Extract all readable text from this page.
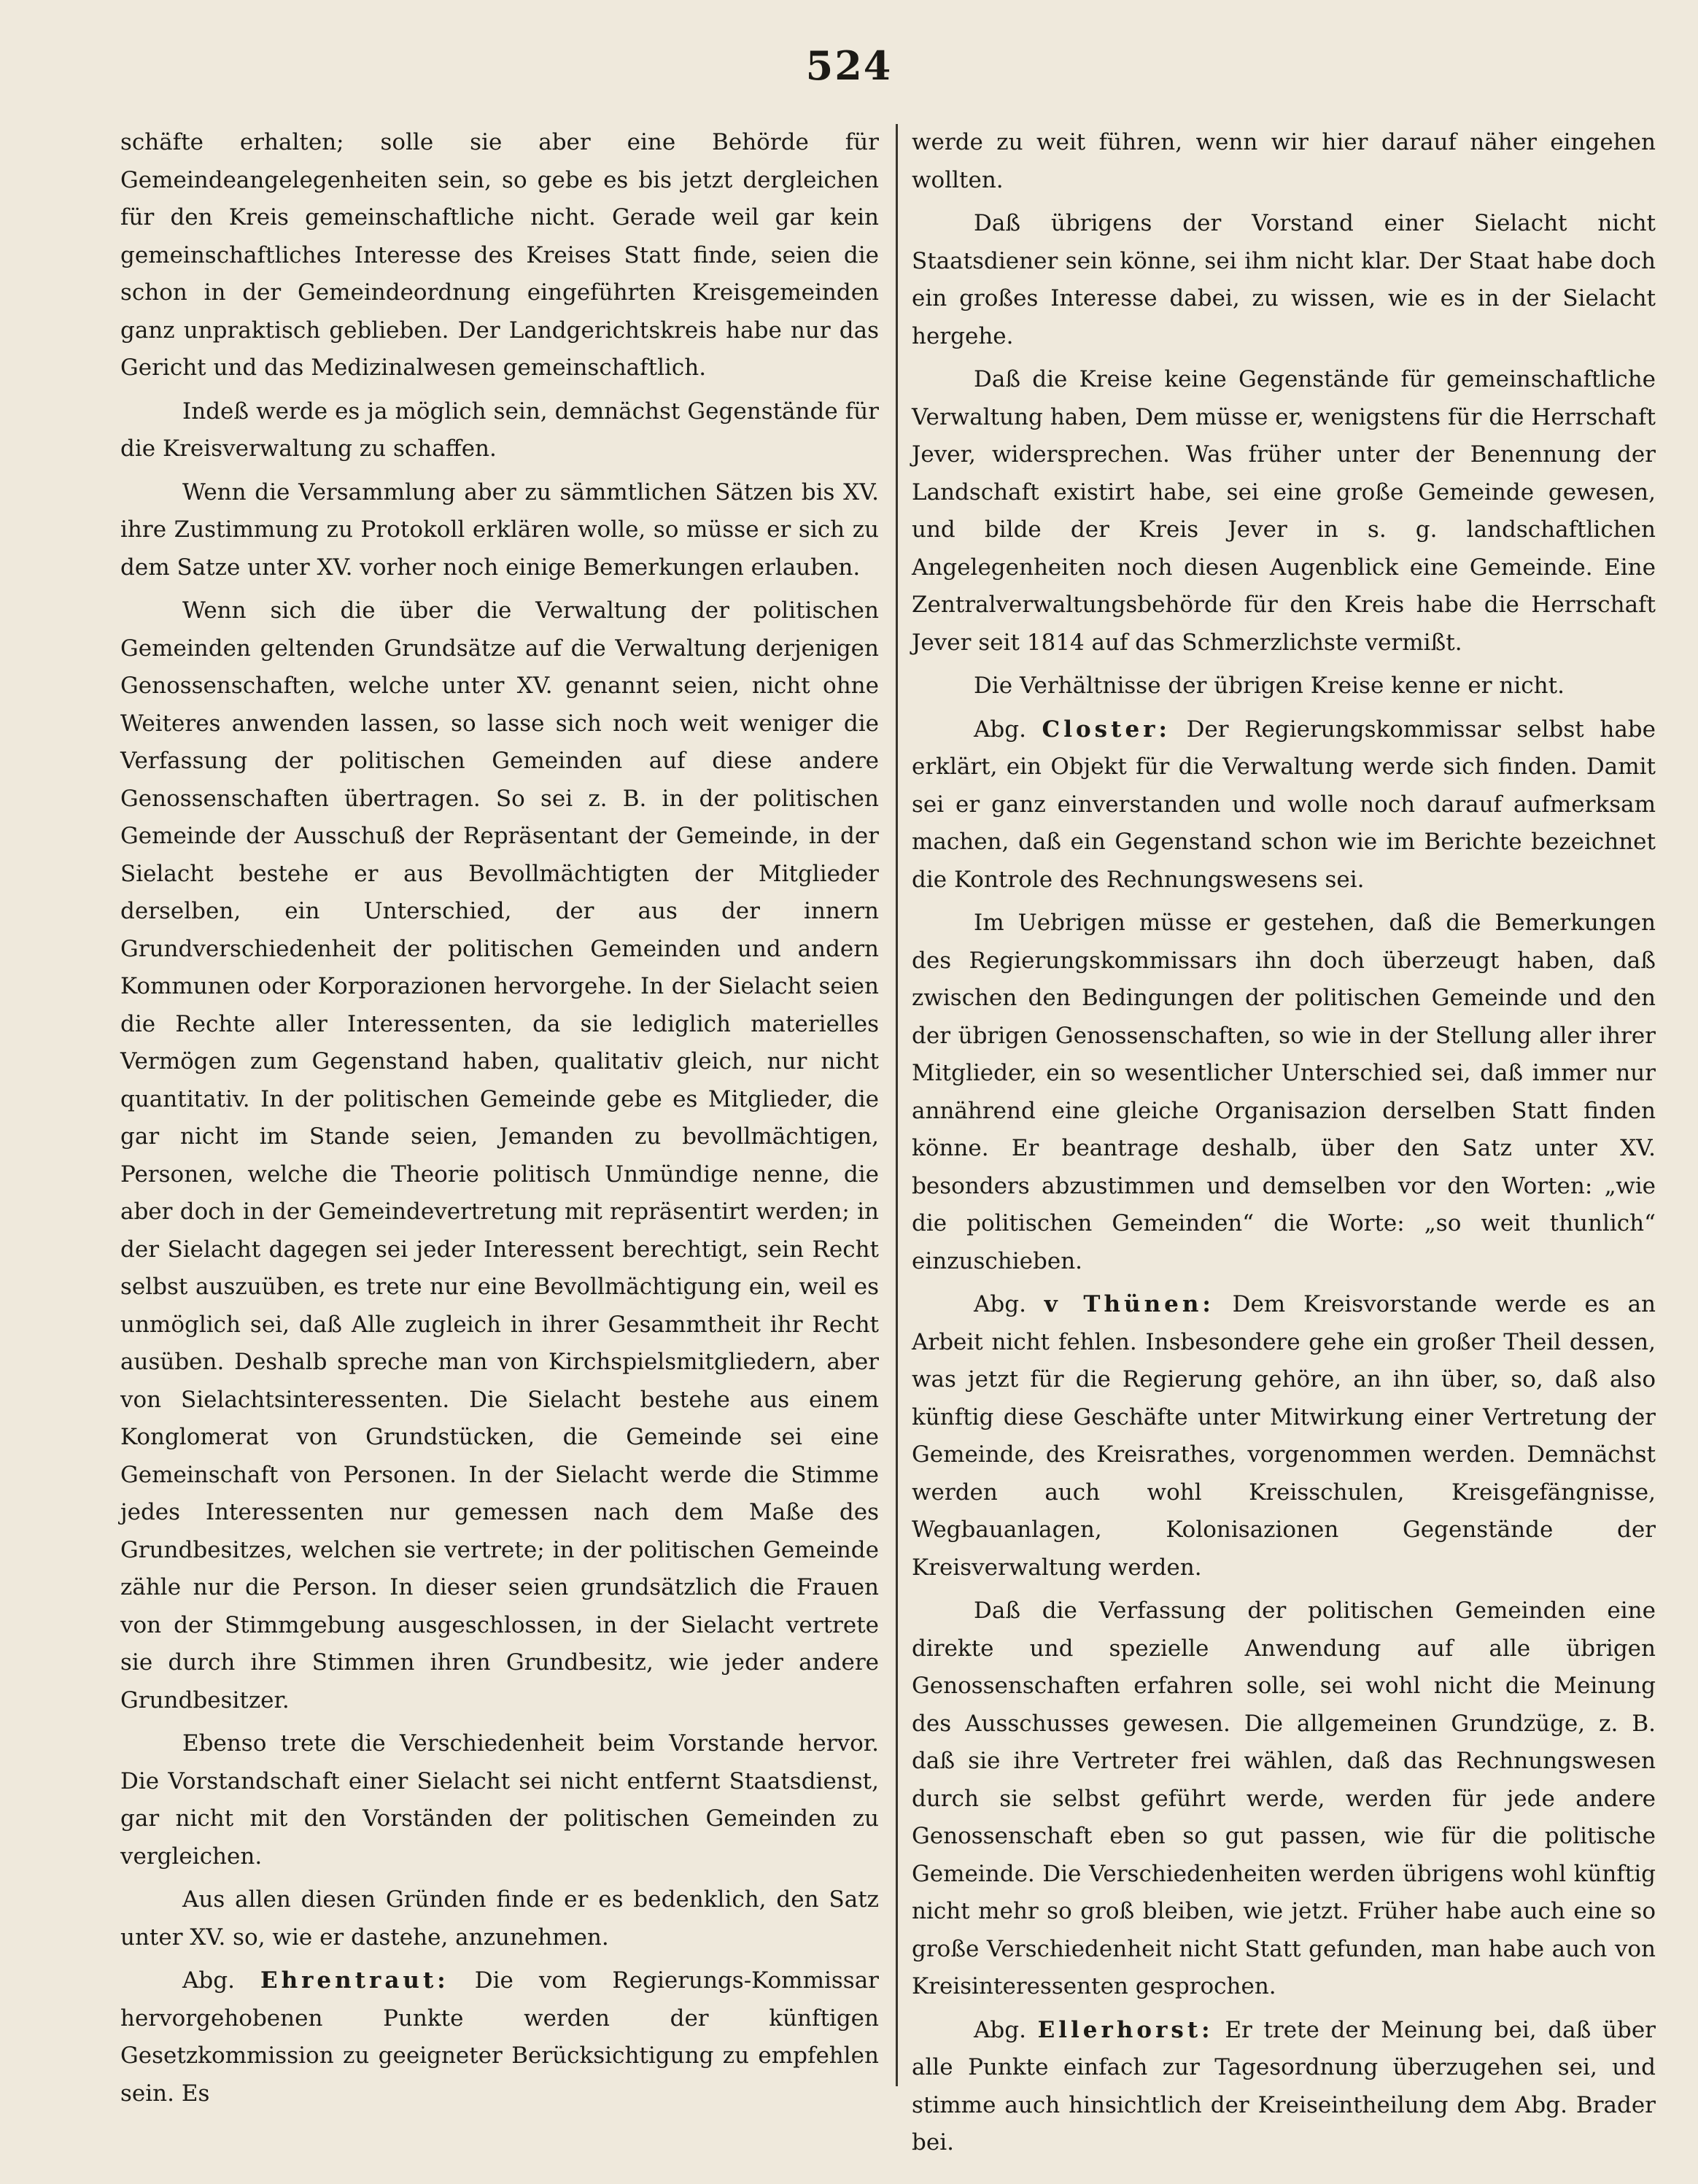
524

schäfte erhalten; solle sie aber eine Behörde für Gemeindeangelegenheiten sein, so gebe es bis jetzt dergleichen für den Kreis gemeinschaftliche nicht. Gerade weil gar kein gemeinschaftliches Interesse des Kreises Statt finde, seien die schon in der Gemeindeordnung eingeführten Kreisgemeinden ganz unpraktisch geblieben. Der Landgerichtskreis habe nur das Gericht und das Medizinalwesen gemeinschaftlich.

Indeß werde es ja möglich sein, demnächst Gegenstände für die Kreisverwaltung zu schaffen.

Wenn die Versammlung aber zu sämmtlichen Sätzen bis XV. ihre Zustimmung zu Protokoll erklären wolle, so müsse er sich zu dem Satze unter XV. vorher noch einige Bemerkungen erlauben.

Wenn sich die über die Verwaltung der politischen Gemeinden geltenden Grundsätze auf die Verwaltung derjenigen Genossenschaften, welche unter XV. genannt seien, nicht ohne Weiteres anwenden lassen, so lasse sich noch weit weniger die Verfassung der politischen Gemeinden auf diese andere Genossenschaften übertragen. So sei z. B. in der politischen Gemeinde der Ausschuß der Repräsentant der Gemeinde, in der Sielacht bestehe er aus Bevollmächtigten der Mitglieder derselben, ein Unterschied, der aus der innern Grundverschiedenheit der politischen Gemeinden und andern Kommunen oder Korporazionen hervorgehe. In der Sielacht seien die Rechte aller Interessenten, da sie lediglich materielles Vermögen zum Gegenstand haben, qualitativ gleich, nur nicht quantitativ. In der politischen Gemeinde gebe es Mitglieder, die gar nicht im Stande seien, Jemanden zu bevollmächtigen, Personen, welche die Theorie politisch Unmündige nenne, die aber doch in der Gemeindevertretung mit repräsentirt werden; in der Sielacht dagegen sei jeder Interessent berechtigt, sein Recht selbst auszuüben, es trete nur eine Bevollmächtigung ein, weil es unmöglich sei, daß Alle zugleich in ihrer Gesammtheit ihr Recht ausüben. Deshalb spreche man von Kirchspielsmitgliedern, aber von Sielachtsinteressenten. Die Sielacht bestehe aus einem Konglomerat von Grundstücken, die Gemeinde sei eine Gemeinschaft von Personen. In der Sielacht werde die Stimme jedes Interessenten nur gemessen nach dem Maße des Grundbesitzes, welchen sie vertrete; in der politischen Gemeinde zähle nur die Person. In dieser seien grundsätzlich die Frauen von der Stimmgebung ausgeschlossen, in der Sielacht vertrete sie durch ihre Stimmen ihren Grundbesitz, wie jeder andere Grundbesitzer.

Ebenso trete die Verschiedenheit beim Vorstande hervor. Die Vorstandschaft einer Sielacht sei nicht entfernt Staatsdienst, gar nicht mit den Vorständen der politischen Gemeinden zu vergleichen.

Aus allen diesen Gründen finde er es bedenklich, den Satz unter XV. so, wie er dastehe, anzunehmen.

Abg. Ehrentraut: Die vom Regierungs-Kommissar hervorgehobenen Punkte werden der künftigen Gesetzkommission zu geeigneter Berücksichtigung zu empfehlen sein. Es

werde zu weit führen, wenn wir hier darauf näher eingehen wollten.

Daß übrigens der Vorstand einer Sielacht nicht Staatsdiener sein könne, sei ihm nicht klar. Der Staat habe doch ein großes Interesse dabei, zu wissen, wie es in der Sielacht hergehe.

Daß die Kreise keine Gegenstände für gemeinschaftliche Verwaltung haben, Dem müsse er, wenigstens für die Herrschaft Jever, widersprechen. Was früher unter der Benennung der Landschaft existirt habe, sei eine große Gemeinde gewesen, und bilde der Kreis Jever in s. g. landschaftlichen Angelegenheiten noch diesen Augenblick eine Gemeinde. Eine Zentralverwaltungsbehörde für den Kreis habe die Herrschaft Jever seit 1814 auf das Schmerzlichste vermißt.

Die Verhältnisse der übrigen Kreise kenne er nicht.

Abg. Closter: Der Regierungskommissar selbst habe erklärt, ein Objekt für die Verwaltung werde sich finden. Damit sei er ganz einverstanden und wolle noch darauf aufmerksam machen, daß ein Gegenstand schon wie im Berichte bezeichnet die Kontrole des Rechnungswesens sei.

Im Uebrigen müsse er gestehen, daß die Bemerkungen des Regierungskommissars ihn doch überzeugt haben, daß zwischen den Bedingungen der politischen Gemeinde und den der übrigen Genossenschaften, so wie in der Stellung aller ihrer Mitglieder, ein so wesentlicher Unterschied sei, daß immer nur annährend eine gleiche Organisazion derselben Statt finden könne. Er beantrage deshalb, über den Satz unter XV. besonders abzustimmen und demselben vor den Worten: „wie die politischen Gemeinden“ die Worte: „so weit thunlich“ einzuschieben.

Abg. v Thünen: Dem Kreisvorstande werde es an Arbeit nicht fehlen. Insbesondere gehe ein großer Theil dessen, was jetzt für die Regierung gehöre, an ihn über, so, daß also künftig diese Geschäfte unter Mitwirkung einer Vertretung der Gemeinde, des Kreisrathes, vorgenommen werden. Demnächst werden auch wohl Kreisschulen, Kreisgefängnisse, Wegbauanlagen, Kolonisazionen Gegenstände der Kreisverwaltung werden.

Daß die Verfassung der politischen Gemeinden eine direkte und spezielle Anwendung auf alle übrigen Genossenschaften erfahren solle, sei wohl nicht die Meinung des Ausschusses gewesen. Die allgemeinen Grundzüge, z. B. daß sie ihre Vertreter frei wählen, daß das Rechnungswesen durch sie selbst geführt werde, werden für jede andere Genossenschaft eben so gut passen, wie für die politische Gemeinde. Die Verschiedenheiten werden übrigens wohl künftig nicht mehr so groß bleiben, wie jetzt. Früher habe auch eine so große Verschiedenheit nicht Statt gefunden, man habe auch von Kreisinteressenten gesprochen.

Abg. Ellerhorst: Er trete der Meinung bei, daß über alle Punkte einfach zur Tagesordnung überzugehen sei, und stimme auch hinsichtlich der Kreiseintheilung dem Abg. Brader bei.
